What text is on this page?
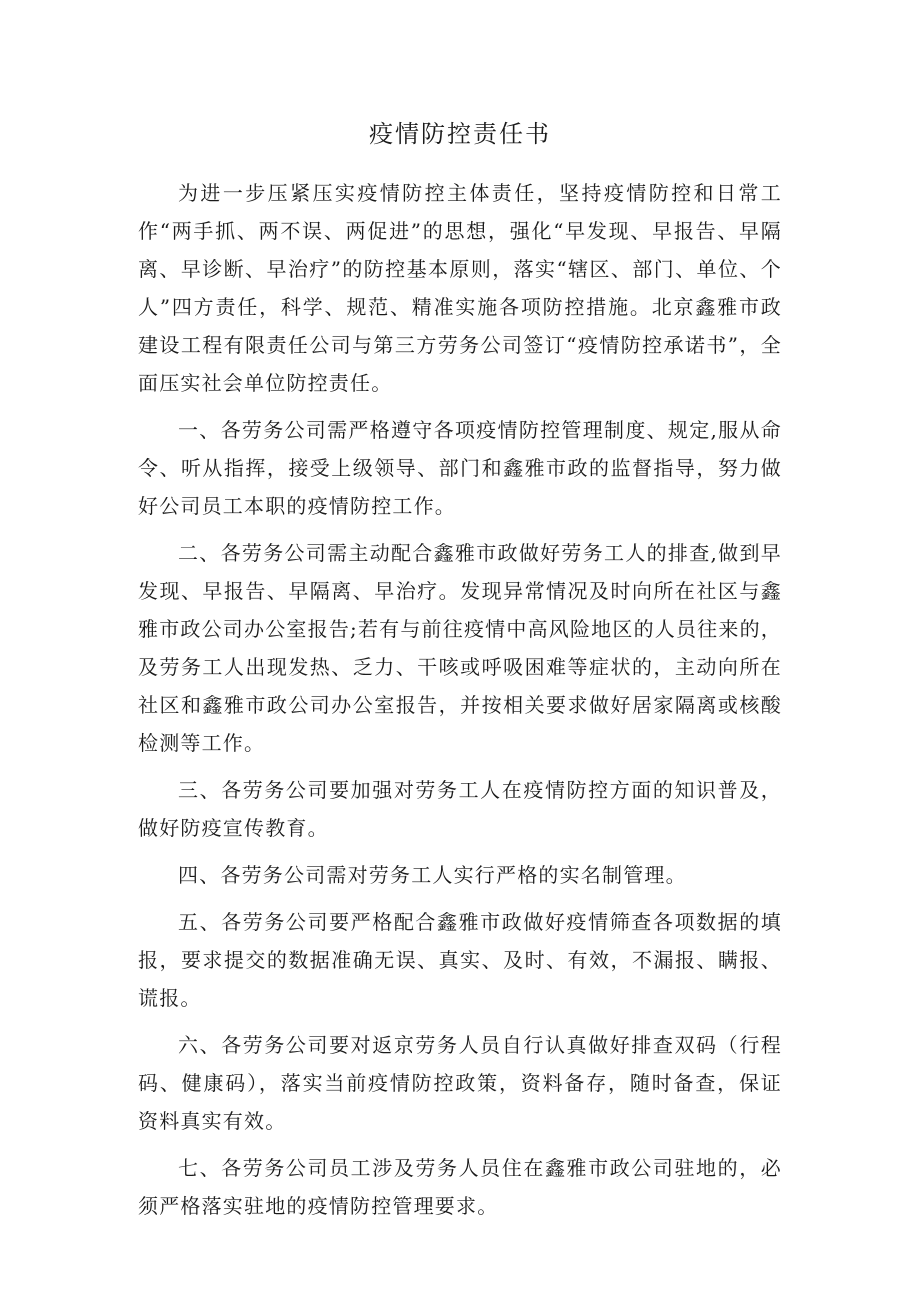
疫情防控责任书

为进一步压紧压实疫情防控主体责任，坚持疫情防控和日常工作“两手抓、两不误、两促进”的思想，强化“早发现、早报告、早隔离、早诊断、早治疗”的防控基本原则，落实“辖区、部门、单位、个人”四方责任，科学、规范、精准实施各项防控措施。北京鑫雅市政建设工程有限责任公司与第三方劳务公司签订“疫情防控承诺书”，全面压实社会单位防控责任。

一、各劳务公司需严格遵守各项疫情防控管理制度、规定,服从命令、听从指挥，接受上级领导、部门和鑫雅市政的监督指导，努力做好公司员工本职的疫情防控工作。

二、各劳务公司需主动配合鑫雅市政做好劳务工人的排查,做到早发现、早报告、早隔离、早治疗。发现异常情况及时向所在社区与鑫雅市政公司办公室报告;若有与前往疫情中高风险地区的人员往来的，及劳务工人出现发热、乏力、干咳或呼吸困难等症状的，主动向所在社区和鑫雅市政公司办公室报告，并按相关要求做好居家隔离或核酸检测等工作。

三、各劳务公司要加强对劳务工人在疫情防控方面的知识普及，做好防疫宣传教育。

四、各劳务公司需对劳务工人实行严格的实名制管理。

五、各劳务公司要严格配合鑫雅市政做好疫情筛查各项数据的填报，要求提交的数据准确无误、真实、及时、有效，不漏报、瞒报、谎报。

六、各劳务公司要对返京劳务人员自行认真做好排查双码（行程码、健康码），落实当前疫情防控政策，资料备存，随时备查，保证资料真实有效。

七、各劳务公司员工涉及劳务人员住在鑫雅市政公司驻地的，必须严格落实驻地的疫情防控管理要求。
